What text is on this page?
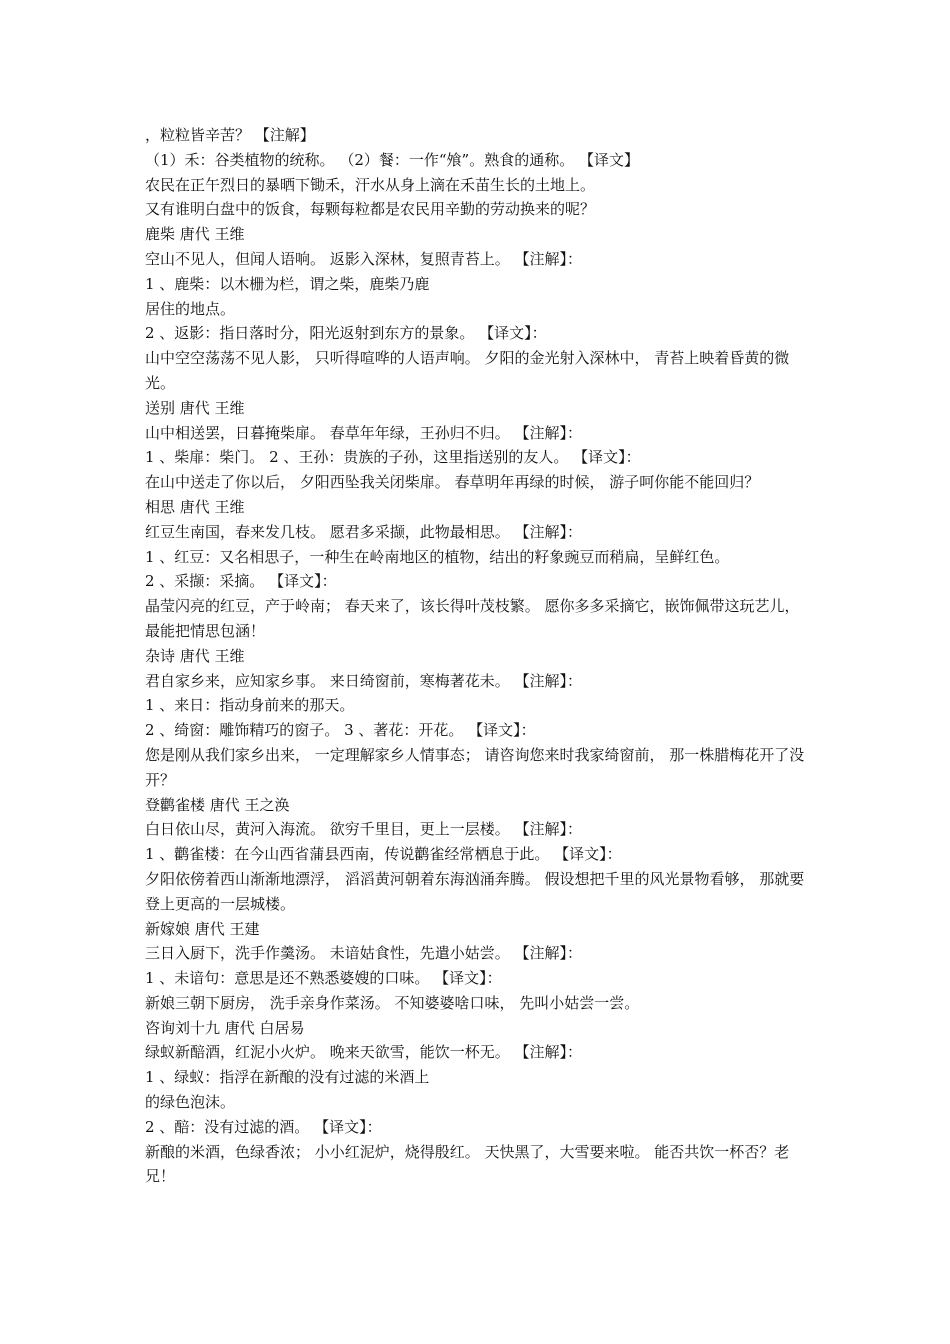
，粒粒皆辛苦？ 【注解】
（1）禾：谷类植物的统称。 （2）餐：一作“飧”。熟食的通称。 【译文】
农民在正午烈日的暴晒下锄禾，汗水从身上滴在禾苗生长的土地上。
又有谁明白盘中的饭食，每颗每粒都是农民用辛勤的劳动换来的呢？
鹿柴 唐代 王维
空山不见人，但闻人语响。 返影入深林，复照青苔上。 【注解】：
1 、鹿柴：以木栅为栏，谓之柴，鹿柴乃鹿
居住的地点。
2 、返影：指日落时分，阳光返射到东方的景象。 【译文】：
山中空空荡荡不见人影， 只听得喧哗的人语声响。 夕阳的金光射入深林中， 青苔上映着昏黄的微光。
送别 唐代 王维
山中相送罢，日暮掩柴扉。 春草年年绿，王孙归不归。 【注解】：
1 、柴扉：柴门。 2 、王孙：贵族的子孙，这里指送别的友人。 【译文】：
在山中送走了你以后， 夕阳西坠我关闭柴扉。 春草明年再绿的时候， 游子呵你能不能回归？
相思 唐代 王维
红豆生南国，春来发几枝。 愿君多采撷，此物最相思。 【注解】：
1 、红豆：又名相思子，一种生在岭南地区的植物，结出的籽象豌豆而稍扁，呈鲜红色。
2 、采撷：采摘。 【译文】：
晶莹闪亮的红豆，产于岭南； 春天来了，该长得叶茂枝繁。 愿你多多采摘它，嵌饰佩带这玩艺儿，最能把情思包涵！
杂诗 唐代 王维
君自家乡来，应知家乡事。 来日绮窗前，寒梅著花未。 【注解】：
1 、来日：指动身前来的那天。
2 、绮窗：雕饰精巧的窗子。 3 、著花：开花。 【译文】：
您是刚从我们家乡出来， 一定理解家乡人情事态； 请咨询您来时我家绮窗前， 那一株腊梅花开了没开？
登鹳雀楼 唐代 王之涣
白日依山尽，黄河入海流。 欲穷千里目，更上一层楼。 【注解】：
1 、鹳雀楼：在今山西省蒲县西南，传说鹳雀经常栖息于此。 【译文】：
夕阳依傍着西山渐渐地漂浮， 滔滔黄河朝着东海汹涌奔腾。 假设想把千里的风光景物看够， 那就要登上更高的一层城楼。
新嫁娘 唐代 王建
三日入厨下，洗手作羹汤。 未谙姑食性，先遣小姑尝。 【注解】：
1 、未谙句：意思是还不熟悉婆嫂的口味。 【译文】：
新娘三朝下厨房， 洗手亲身作菜汤。 不知婆婆啥口味， 先叫小姑尝一尝。
咨询刘十九 唐代 白居易
绿蚁新醅酒，红泥小火炉。 晚来天欲雪，能饮一杯无。 【注解】：
1 、绿蚁：指浮在新酿的没有过滤的米酒上
的绿色泡沫。
2 、醅：没有过滤的酒。 【译文】：
新酿的米酒，色绿香浓； 小小红泥炉，烧得殷红。 天快黑了，大雪要来啦。 能否共饮一杯否？老兄！
